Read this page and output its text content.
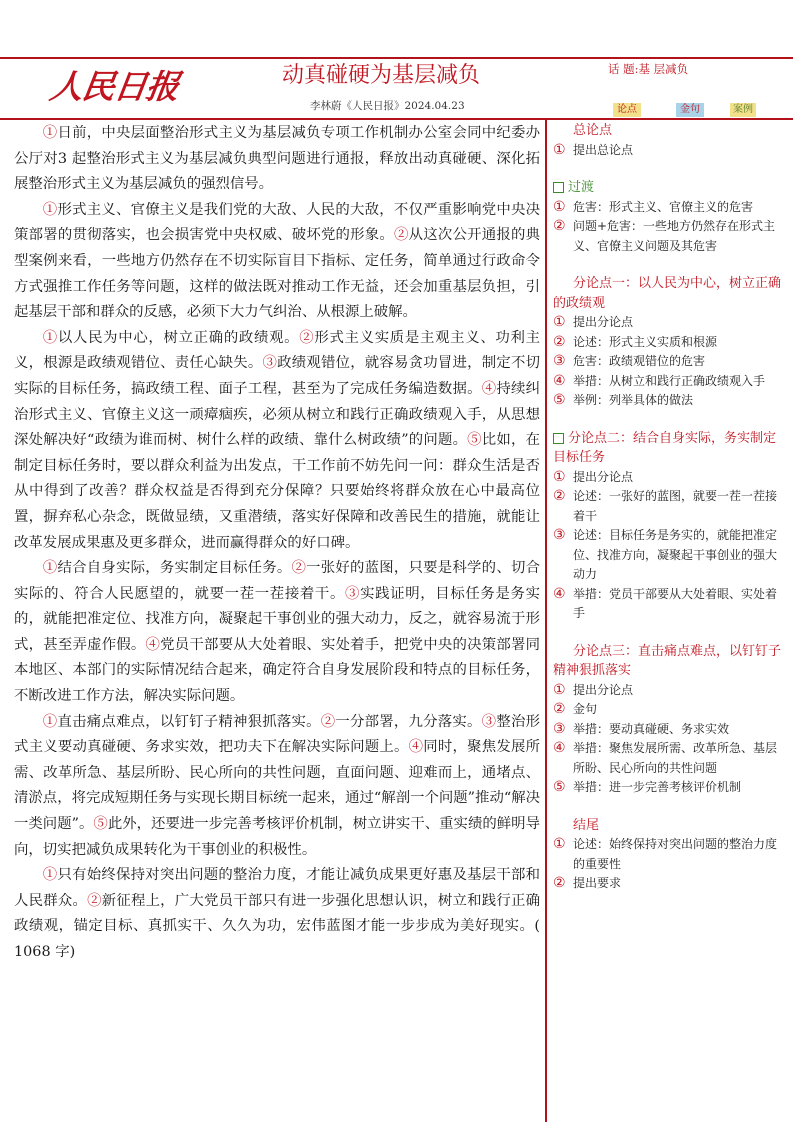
人民日报	动真碰硬为基层减负
李林蔚《人民日报》2024.04.23
话 题:基 层减负
论点	金句	案例

①日前，中央层面整治形式主义为基层减负专项工作机制办公室会同中纪委办公厅对3 起整治形式主义为基层减负典型问题进行通报，释放出动真碰硬、深化拓展整治形式主义为基层减负的强烈信号。

①形式主义、官僚主义是我们党的大敌、人民的大敌，不仅严重影响党中央决策部署的贯彻落实，也会损害党中央权威、破坏党的形象。②从这次公开通报的典型案例来看，一些地方仍然存在不切实际盲目下指标、定任务，简单通过行政命令方式强推工作任务等问题，这样的做法既对推动工作无益，还会加重基层负担，引起基层干部和群众的反感，必须下大力气纠治、从根源上破解。

①以人民为中心，树立正确的政绩观。②形式主义实质是主观主义、功利主义，根源是政绩观错位、责任心缺失。③政绩观错位，就容易贪功冒进，制定不切实际的目标任务，搞政绩工程、面子工程，甚至为了完成任务编造数据。④持续纠治形式主义、官僚主义这一顽瘴痼疾，必须从树立和践行正确政绩观入手，从思想深处解决好“政绩为谁而树、树什么样的政绩、靠什么树政绩”的问题。⑤比如，在制定目标任务时，要以群众利益为出发点，干工作前不妨先问一问：群众生活是否从中得到了改善？群众权益是否得到充分保障？只要始终将群众放在心中最高位置，摒弃私心杂念，既做显绩，又重潜绩，落实好保障和改善民生的措施，就能让改革发展成果惠及更多群众，进而赢得群众的好口碑。

①结合自身实际，务实制定目标任务。②一张好的蓝图，只要是科学的、切合实际的、符合人民愿望的，就要一茬一茬接着干。③实践证明，目标任务是务实的，就能把准定位、找准方向，凝聚起干事创业的强大动力，反之，就容易流于形式，甚至弄虚作假。④党员干部要从大处着眼、实处着手，把党中央的决策部署同本地区、本部门的实际情况结合起来，确定符合自身发展阶段和特点的目标任务，不断改进工作方法，解决实际问题。

①直击痛点难点，以钉钉子精神狠抓落实。②一分部署，九分落实。③整治形式主义要动真碰硬、务求实效，把功夫下在解决实际问题上。④同时，聚焦发展所需、改革所急、基层所盼、民心所向的共性问题，直面问题、迎难而上，通堵点、清淤点，将完成短期任务与实现长期目标统一起来，通过“解剖一个问题”推动“解决一类问题”。⑤此外，还要进一步完善考核评价机制，树立讲实干、重实绩的鲜明导向，切实把减负成果转化为干事创业的积极性。

①只有始终保持对突出问题的整治力度，才能让减负成果更好惠及基层干部和人民群众。②新征程上，广大党员干部只有进一步强化思想认识，树立和践行正确政绩观，锚定目标、真抓实干、久久为功，宏伟蓝图才能一步步成为美好现实。( 1068 字)

总论点
① 提出总论点
过渡
① 危害：形式主义、官僚主义的危害
② 问题+危害：一些地方仍然存在形式主义、官僚主义问题及其危害
分论点一：以人民为中心，树立正确的政绩观
① 提出分论点
② 论述：形式主义实质和根源
③ 危害：政绩观错位的危害
④ 举措：从树立和践行正确政绩观入手
⑤ 举例：列举具体的做法
分论点二：结合自身实际，务实制定目标任务
① 提出分论点
② 论述：一张好的蓝图，就要一茬一茬接着干
③ 论述：目标任务是务实的，就能把准定位、找准方向，凝聚起干事创业的强大动力
④ 举措：党员干部要从大处着眼、实处着手
分论点三：直击痛点难点，以钉钉子精神狠抓落实
① 提出分论点
② 金句
③ 举措：要动真碰硬、务求实效
④ 举措：聚焦发展所需、改革所急、基层所盼、民心所向的共性问题
⑤ 举措：进一步完善考核评价机制
结尾
① 论述：始终保持对突出问题的整治力度的重要性
② 提出要求
